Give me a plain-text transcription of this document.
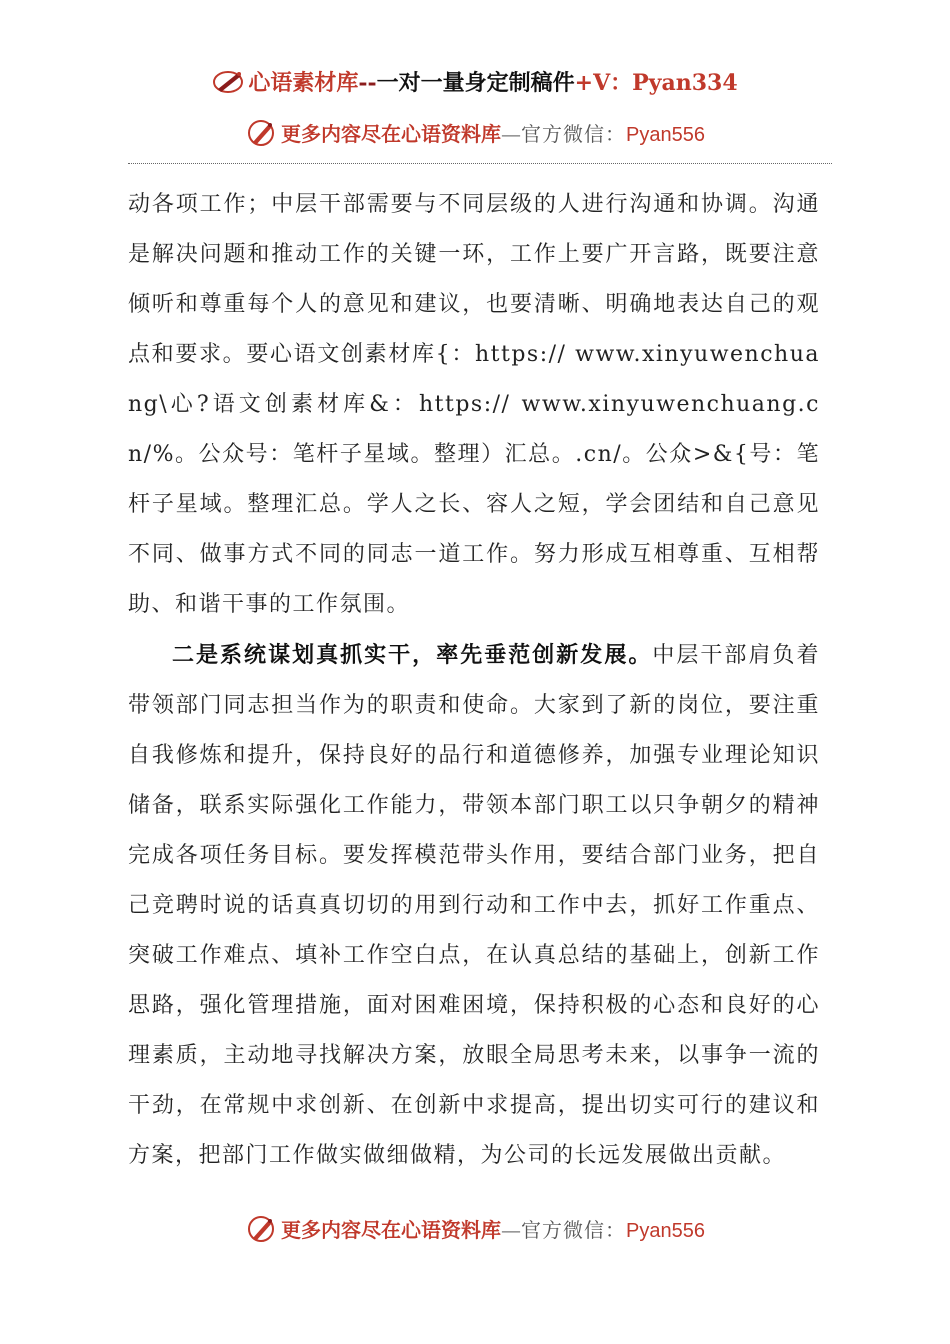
心语素材库--一对一量身定制稿件+V：Pyan334
更多内容尽在心语资料库—官方微信：Pyan556

动各项工作；中层干部需要与不同层级的人进行沟通和协调。沟通是解决问题和推动工作的关键一环，工作上要广开言路，既要注意倾听和尊重每个人的意见和建议，也要清晰、明确地表达自己的观点和要求。要心语文创素材库{：https:// www.xinyuwenchuang\心?语文创素材库&：https:// www.xinyuwenchuang.cn/%。公众号：笔杆子星域。整理）汇总。.cn/。公众>&{号：笔杆子星域。整理汇总。学人之长、容人之短，学会团结和自己意见不同、做事方式不同的同志一道工作。努力形成互相尊重、互相帮助、和谐干事的工作氛围。

二是系统谋划真抓实干，率先垂范创新发展。中层干部肩负着带领部门同志担当作为的职责和使命。大家到了新的岗位，要注重自我修炼和提升，保持良好的品行和道德修养，加强专业理论知识储备，联系实际强化工作能力，带领本部门职工以只争朝夕的精神完成各项任务目标。要发挥模范带头作用，要结合部门业务，把自己竞聘时说的话真真切切的用到行动和工作中去，抓好工作重点、突破工作难点、填补工作空白点，在认真总结的基础上，创新工作思路，强化管理措施，面对困难困境，保持积极的心态和良好的心理素质，主动地寻找解决方案，放眼全局思考未来，以事争一流的干劲，在常规中求创新、在创新中求提高，提出切实可行的建议和方案，把部门工作做实做细做精，为公司的长远发展做出贡献。

更多内容尽在心语资料库—官方微信：Pyan556
